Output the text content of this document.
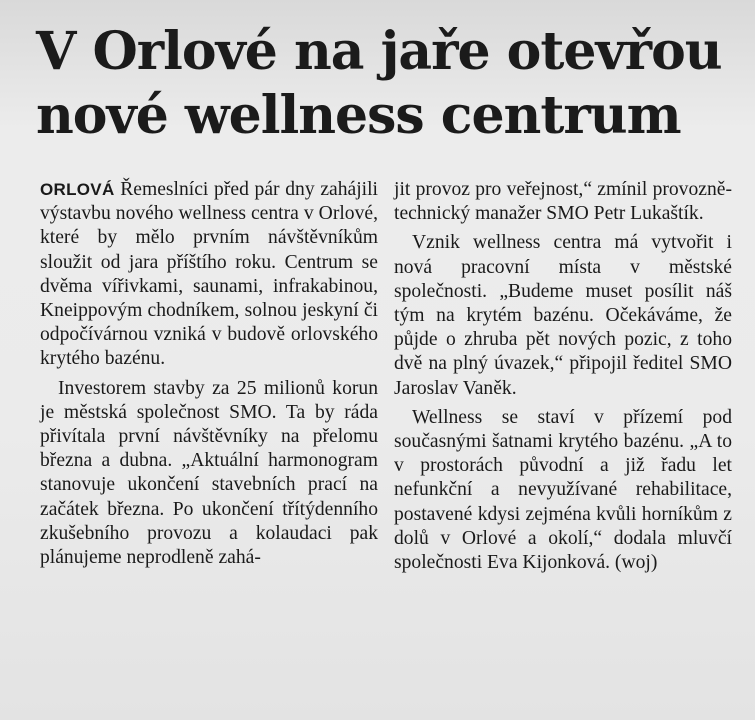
V Orlové na jaře otevřou nové wellness centrum

ORLOVÁ Řemeslníci před pár dny zahájili výstavbu nového wellness centra v Orlové, které by mělo prvním návštěvníkům sloužit od jara příštího roku. Centrum se dvěma vířivkami, saunami, infrakabinou, Kneippovým chodníkem, solnou jeskyní či odpočívárnou vzniká v budově orlovského krytého bazénu.

Investorem stavby za 25 milionů korun je městská společnost SMO. Ta by ráda přivítala první návštěvníky na přelomu března a dubna. „Aktuální harmonogram stanovuje ukončení stavebních prací na začátek března. Po ukončení třítýdenního zkušebního provozu a kolaudaci pak plánujeme neprodleně zahá-

jit provoz pro veřejnost,“ zmínil provozně-technický manažer SMO Petr Lukaštík.

Vznik wellness centra má vytvořit i nová pracovní místa v městské společnosti. „Budeme muset posílit náš tým na krytém bazénu. Očekáváme, že půjde o zhruba pět nových pozic, z toho dvě na plný úvazek,“ připojil ředitel SMO Jaroslav Vaněk.

Wellness se staví v přízemí pod současnými šatnami krytého bazénu. „A to v prostorách původní a již řadu let nefunkční a nevyužívané rehabilitace, postavené kdysi zejména kvůli horníkům z dolů v Orlové a okolí,“ dodala mluvčí společnosti Eva Kijonková. (woj)
